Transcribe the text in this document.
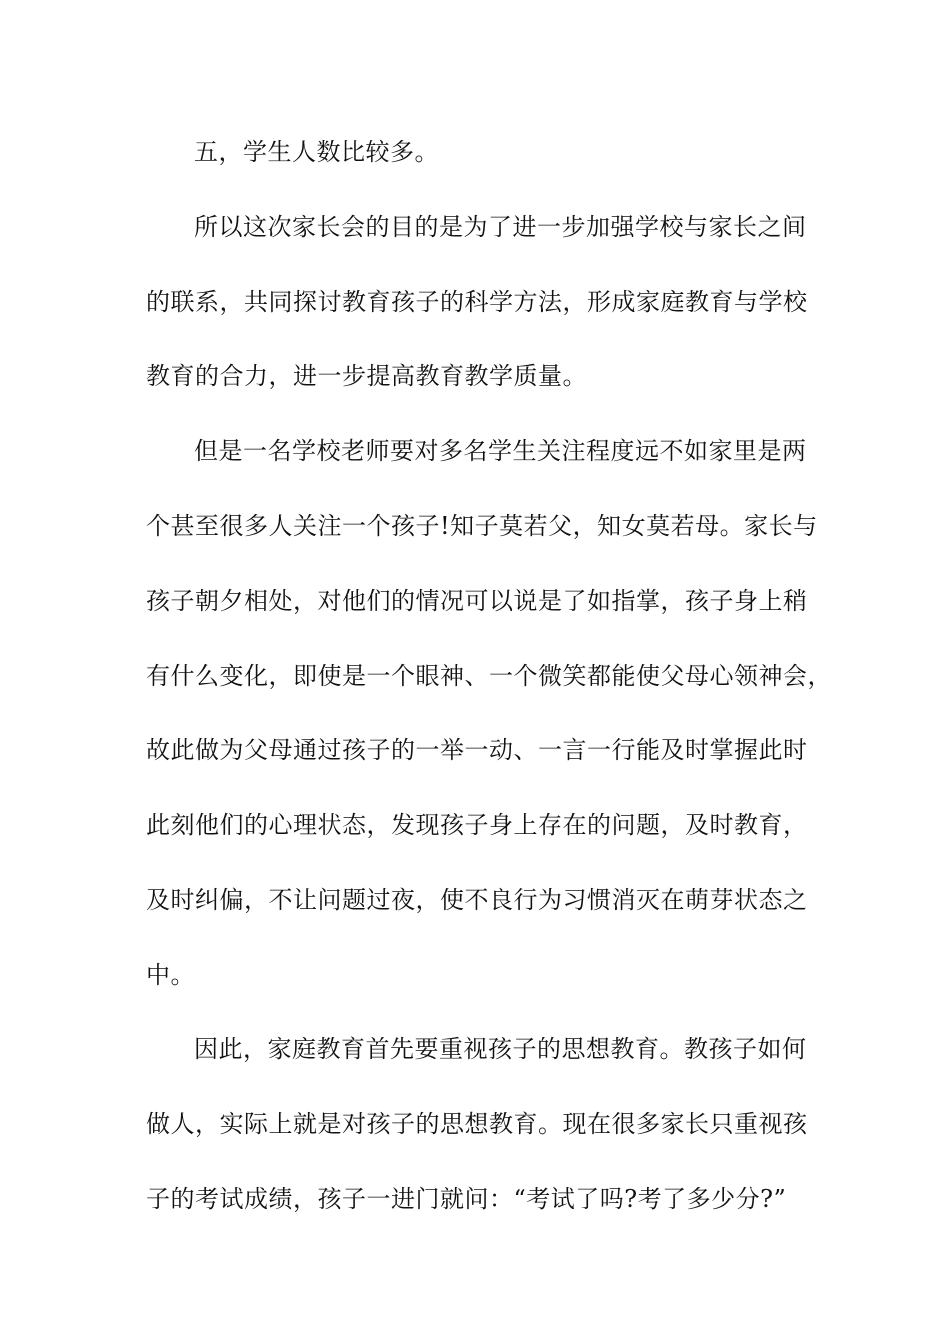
五，学生人数比较多。
所以这次家长会的目的是为了进一步加强学校与家长之间
的联系，共同探讨教育孩子的科学方法，形成家庭教育与学校
教育的合力，进一步提高教育教学质量。
但是一名学校老师要对多名学生关注程度远不如家里是两
个甚至很多人关注一个孩子!知子莫若父，知女莫若母。家长与
孩子朝夕相处，对他们的情况可以说是了如指掌，孩子身上稍
有什么变化，即使是一个眼神、一个微笑都能使父母心领神会，
故此做为父母通过孩子的一举一动、一言一行能及时掌握此时
此刻他们的心理状态，发现孩子身上存在的问题，及时教育，
及时纠偏，不让问题过夜，使不良行为习惯消灭在萌芽状态之
中。
因此，家庭教育首先要重视孩子的思想教育。教孩子如何
做人，实际上就是对孩子的思想教育。现在很多家长只重视孩
子的考试成绩，孩子一进门就问：“考试了吗?考了多少分?”
